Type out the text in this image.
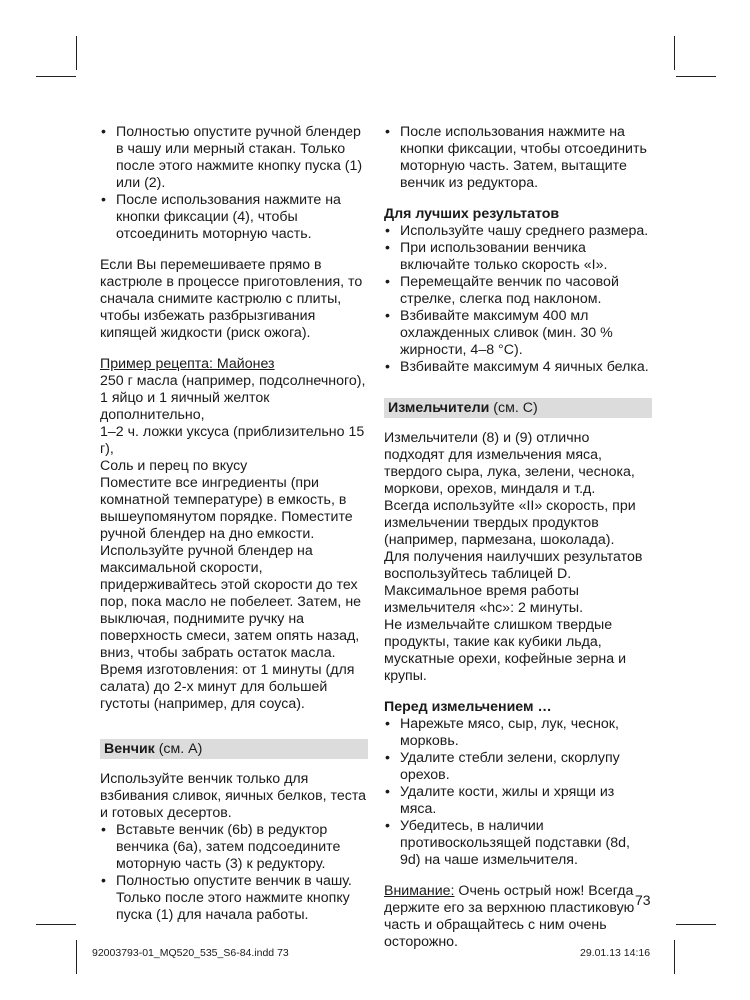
• Полностью опустите ручной блендер в чашу или мерный стакан. Только после этого нажмите кнопку пуска (1) или (2).
• После использования нажмите на кнопки фиксации (4), чтобы отсоединить моторную часть.

Если Вы перемешиваете прямо в кастрюле в процессе приготовления, то сначала снимите кастрюлю с плиты, чтобы избежать разбрызгивания кипящей жидкости (риск ожога).

Пример рецепта: Майонез

250 г масла (например, подсолнечного),

1 яйцо и 1 яичный желток дополнительно,

1–2 ч. ложки уксуса (приблизительно 15 г),

Соль и перец по вкусу

Поместите все ингредиенты (при комнатной температуре) в емкость, в вышеупомянутом порядке. Поместите ручной блендер на дно емкости. Используйте ручной блендер на максимальной скорости, придерживайтесь этой скорости до тех пор, пока масло не побелеет. Затем, не выключая, поднимите ручку на поверхность смеси, затем опять назад, вниз, чтобы забрать остаток масла. Время изготовления: от 1 минуты (для салата) до 2-х минут для большей густоты (например, для соуса).

Венчик (см. A)

Используйте венчик только для взбивания сливок, яичных белков, теста и готовых десертов.

• Вставьте венчик (6b) в редуктор венчика (6a), затем подсоедините моторную часть (3) к редуктору.
• Полностью опустите венчик в чашу. Только после этого нажмите кнопку пуска (1) для начала работы.
• После использования нажмите на кнопки фиксации, чтобы отсоединить моторную часть. Затем, вытащите венчик из редуктора.

Для лучших результатов

• Используйте чашу среднего размера.
• При использовании венчика включайте только скорость «I».
• Перемещайте венчик по часовой стрелке, слегка под наклоном.
• Взбивайте максимум 400 мл охлажденных сливок (мин. 30 % жирности, 4–8 °С).
• Взбивайте максимум 4 яичных белка.
Измельчители (см. C)

Измельчители (8) и (9) отлично подходят для измельчения мяса, твердого сыра, лука, зелени, чеснока, моркови, орехов, миндаля и т.д.

Всегда используйте «II» скорость, при измельчении твердых продуктов (например, пармезана, шоколада).

Для получения наилучших результатов воспользуйтесь таблицей D.

Максимальное время работы измельчителя «hc»: 2 минуты.

Не измельчайте слишком твердые продукты, такие как кубики льда, мускатные орехи, кофейные зерна и крупы.

Перед измельчением …

• Нарежьте мясо, сыр, лук, чеснок, морковь.
• Удалите стебли зелени, скорлупу орехов.
• Удалите кости, жилы и хрящи из мяса.
• Убедитесь, в наличии противоскользящей подставки (8d, 9d) на чаше измельчителя.

Внимание: Очень острый нож! Всегда держите его за верхнюю пластиковую часть и обращайтесь с ним очень осторожно.

73
92003793-01_MQ520_535_S6-84.indd 73	29.01.13 14:16
